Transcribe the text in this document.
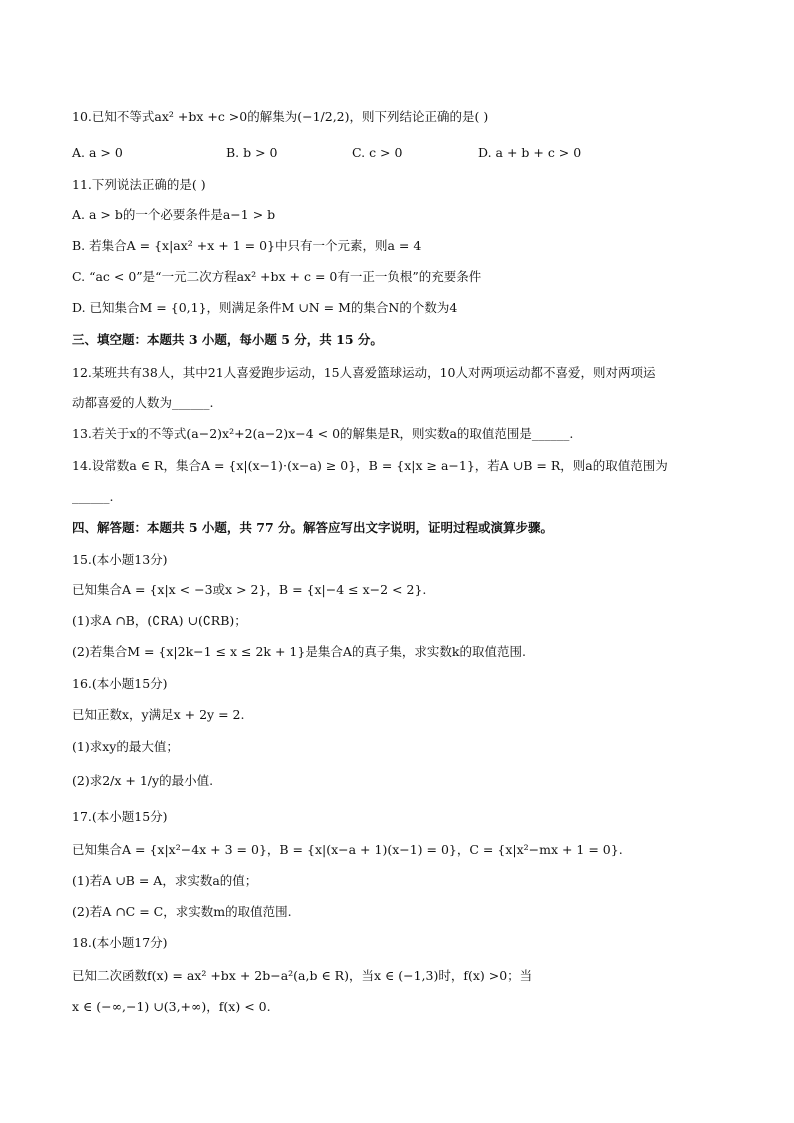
10.已知不等式ax² +bx +c >0的解集为(−1/2,2)，则下列结论正确的是( )
A. a > 0	B. b > 0	C. c > 0	D. a + b + c > 0
11.下列说法正确的是( )
A. a > b的一个必要条件是a−1 > b
B. 若集合A = {x|ax² +x + 1 = 0}中只有一个元素，则a = 4
C. “ac < 0”是“一元二次方程ax² +bx + c = 0有一正一负根”的充要条件
D. 已知集合M = {0,1}，则满足条件M ∪N = M的集合N的个数为4
三、填空题：本题共 3 小题，每小题 5 分，共 15 分。
12.某班共有38人，其中21人喜爱跑步运动，15人喜爱篮球运动，10人对两项运动都不喜爱，则对两项运
动都喜爱的人数为______.
13.若关于x的不等式(a−2)x²+2(a−2)x−4 < 0的解集是R，则实数a的取值范围是______.
14.设常数a ∈ R，集合A = {x|(x−1)⋅(x−a) ≥ 0}，B = {x|x ≥ a−1}，若A ∪B = R，则a的取值范围为
______.
四、解答题：本题共 5 小题，共 77 分。解答应写出文字说明，证明过程或演算步骤。
15.(本小题13分)
已知集合A = {x|x < −3或x > 2}，B = {x|−4 ≤ x−2 < 2}.
(1)求A ∩B，(∁RA) ∪(∁RB)；
(2)若集合M = {x|2k−1 ≤ x ≤ 2k + 1}是集合A的真子集，求实数k的取值范围.
16.(本小题15分)
已知正数x，y满足x + 2y = 2.
(1)求xy的最大值；
(2)求2/x + 1/y的最小值.
17.(本小题15分)
已知集合A = {x|x²−4x + 3 = 0}，B = {x|(x−a + 1)(x−1) = 0}，C = {x|x²−mx + 1 = 0}.
(1)若A ∪B = A，求实数a的值；
(2)若A ∩C = C，求实数m的取值范围.
18.(本小题17分)
已知二次函数f(x) = ax² +bx + 2b−a²(a,b ∈ R)，当x ∈ (−1,3)时，f(x) >0；当
x ∈ (−∞,−1) ∪(3,+∞)，f(x) < 0.
